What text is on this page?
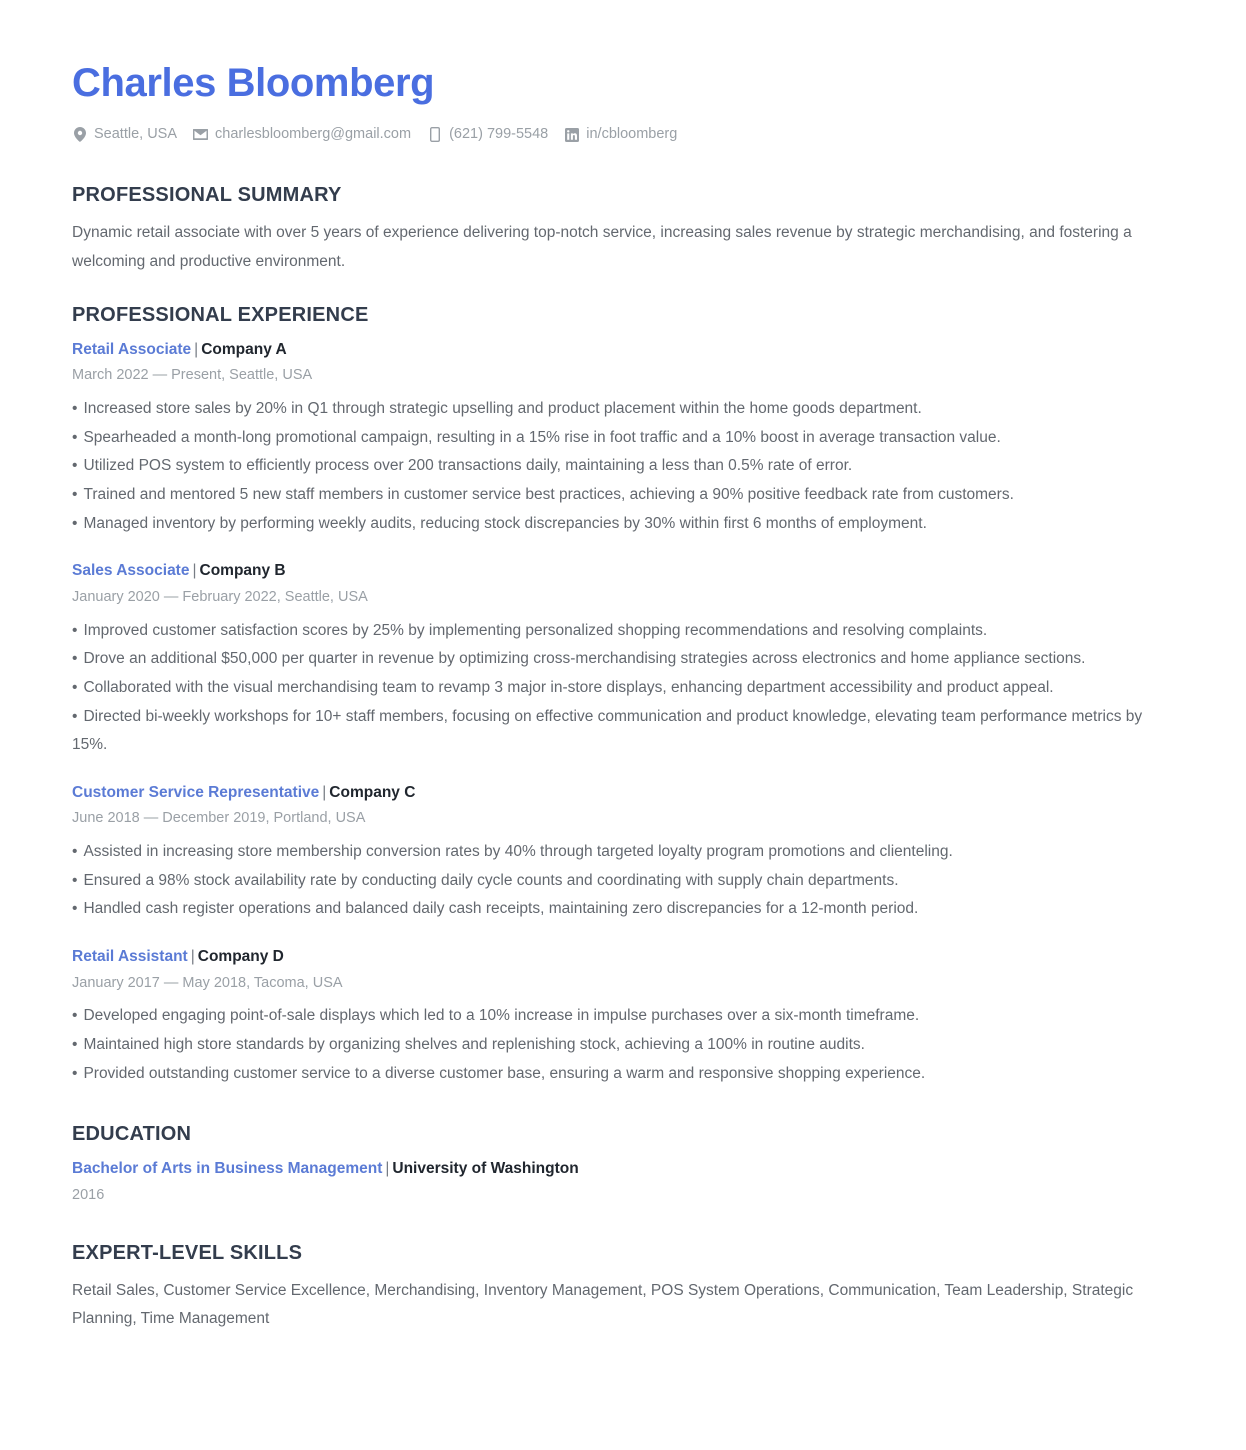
Charles Bloomberg
Seattle, USA	charlesbloomberg@gmail.com	(621) 799-5548	in/cbloomberg
PROFESSIONAL SUMMARY

Dynamic retail associate with over 5 years of experience delivering top-notch service, increasing sales revenue by strategic merchandising, and fostering a welcoming and productive environment.

PROFESSIONAL EXPERIENCE
Retail Associate | Company A
March 2022 — Present, Seattle, USA
• Increased store sales by 20% in Q1 through strategic upselling and product placement within the home goods department.
• Spearheaded a month-long promotional campaign, resulting in a 15% rise in foot traffic and a 10% boost in average transaction value.
• Utilized POS system to efficiently process over 200 transactions daily, maintaining a less than 0.5% rate of error.
• Trained and mentored 5 new staff members in customer service best practices, achieving a 90% positive feedback rate from customers.
• Managed inventory by performing weekly audits, reducing stock discrepancies by 30% within first 6 months of employment.
Sales Associate | Company B
January 2020 — February 2022, Seattle, USA
• Improved customer satisfaction scores by 25% by implementing personalized shopping recommendations and resolving complaints.
• Drove an additional $50,000 per quarter in revenue by optimizing cross-merchandising strategies across electronics and home appliance sections.
• Collaborated with the visual merchandising team to revamp 3 major in-store displays, enhancing department accessibility and product appeal.
• Directed bi-weekly workshops for 10+ staff members, focusing on effective communication and product knowledge, elevating team performance metrics by 15%.
Customer Service Representative | Company C
June 2018 — December 2019, Portland, USA
• Assisted in increasing store membership conversion rates by 40% through targeted loyalty program promotions and clienteling.
• Ensured a 98% stock availability rate by conducting daily cycle counts and coordinating with supply chain departments.
• Handled cash register operations and balanced daily cash receipts, maintaining zero discrepancies for a 12-month period.
Retail Assistant | Company D
January 2017 — May 2018, Tacoma, USA
• Developed engaging point-of-sale displays which led to a 10% increase in impulse purchases over a six-month timeframe.
• Maintained high store standards by organizing shelves and replenishing stock, achieving a 100% in routine audits.
• Provided outstanding customer service to a diverse customer base, ensuring a warm and responsive shopping experience.
EDUCATION
Bachelor of Arts in Business Management | University of Washington
2016
EXPERT-LEVEL SKILLS

Retail Sales, Customer Service Excellence, Merchandising, Inventory Management, POS System Operations, Communication, Team Leadership, Strategic Planning, Time Management
